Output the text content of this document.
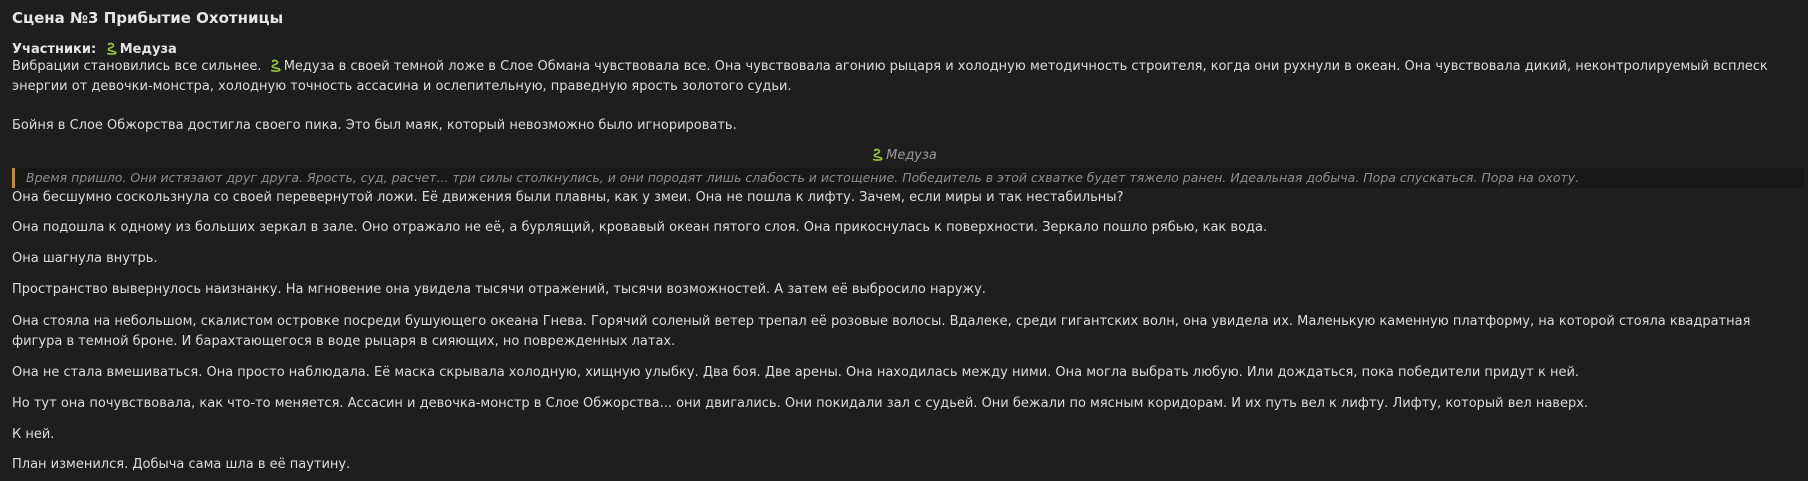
Сцена №3 Прибытие Охотницы
Участники: Медуза

Вибрации становились все сильнее. Медуза в своей темной ложе в Слое Обмана чувствовала все. Она чувствовала агонию рыцаря и холодную методичность строителя, когда они рухнули в океан. Она чувствовала дикий, неконтролируемый всплеск энергии от девочки-монстра, холодную точность ассасина и ослепительную, праведную ярость золотого судьи.

Бойня в Слое Обжорства достигла своего пика. Это был маяк, который невозможно было игнорировать.

Медуза
Время пришло. Они истязают друг друга. Ярость, суд, расчет... три силы столкнулись, и они породят лишь слабость и истощение. Победитель в этой схватке будет тяжело ранен. Идеальная добыча. Пора спускаться. Пора на охоту.

Она бесшумно соскользнула со своей перевернутой ложи. Её движения были плавны, как у змеи. Она не пошла к лифту. Зачем, если миры и так нестабильны?

Она подошла к одному из больших зеркал в зале. Оно отражало не её, а бурлящий, кровавый океан пятого слоя. Она прикоснулась к поверхности. Зеркало пошло рябью, как вода.

Она шагнула внутрь.

Пространство вывернулось наизнанку. На мгновение она увидела тысячи отражений, тысячи возможностей. А затем её выбросило наружу.

Она стояла на небольшом, скалистом островке посреди бушующего океана Гнева. Горячий соленый ветер трепал её розовые волосы. Вдалеке, среди гигантских волн, она увидела их. Маленькую каменную платформу, на которой стояла квадратная фигура в темной броне. И барахтающегося в воде рыцаря в сияющих, но поврежденных латах.

Она не стала вмешиваться. Она просто наблюдала. Её маска скрывала холодную, хищную улыбку. Два боя. Две арены. Она находилась между ними. Она могла выбрать любую. Или дождаться, пока победители придут к ней.

Но тут она почувствовала, как что-то меняется. Ассасин и девочка-монстр в Слое Обжорства... они двигались. Они покидали зал с судьей. Они бежали по мясным коридорам. И их путь вел к лифту. Лифту, который вел наверх.

К ней.

План изменился. Добыча сама шла в её паутину.
